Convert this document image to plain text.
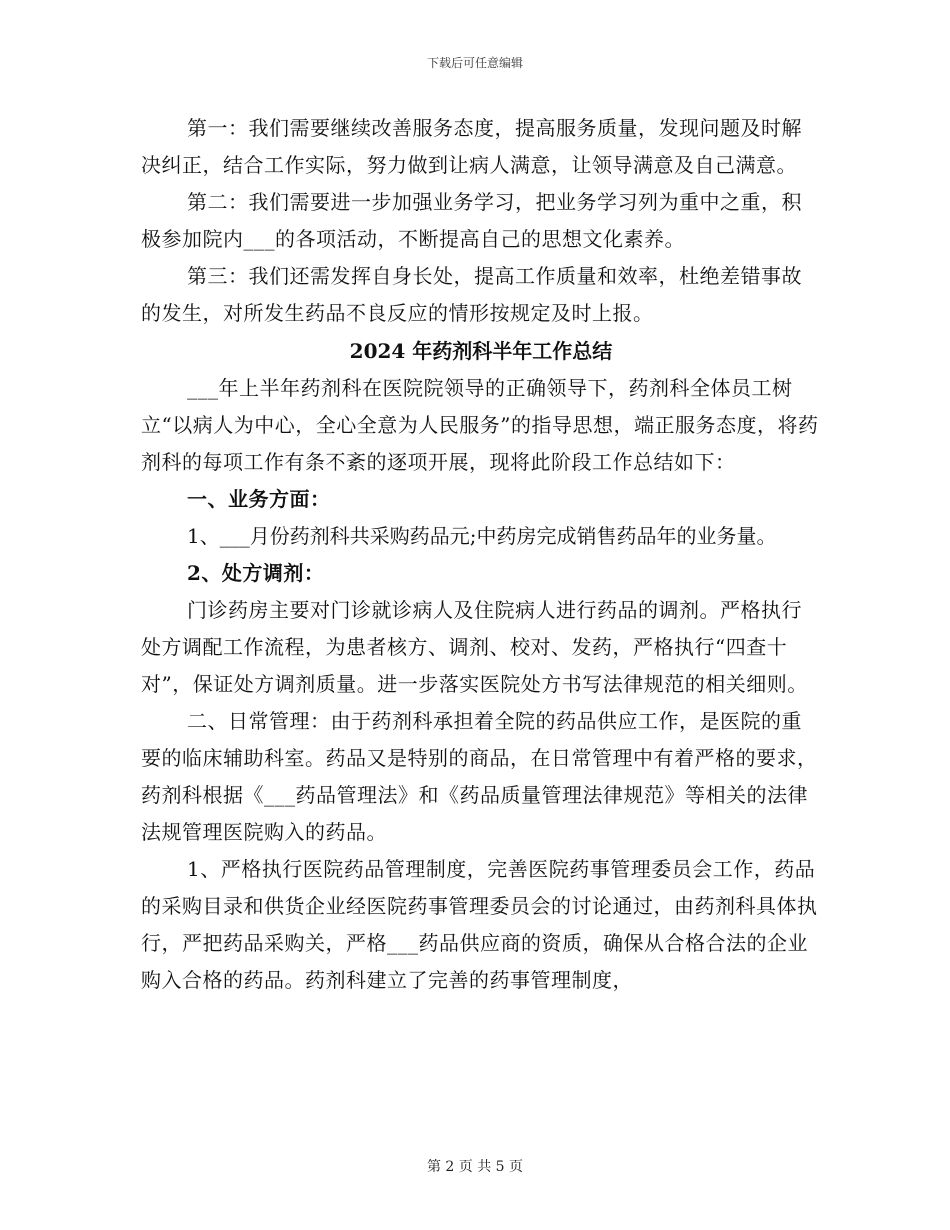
下载后可任意编辑

第一：我们需要继续改善服务态度，提高服务质量，发现问题及时解决纠正，结合工作实际，努力做到让病人满意，让领导满意及自己满意。

第二：我们需要进一步加强业务学习，把业务学习列为重中之重，积极参加院内___的各项活动，不断提高自己的思想文化素养。

第三：我们还需发挥自身长处，提高工作质量和效率，杜绝差错事故的发生，对所发生药品不良反应的情形按规定及时上报。

2024 年药剂科半年工作总结

___年上半年药剂科在医院院领导的正确领导下，药剂科全体员工树立“以病人为中心，全心全意为人民服务”的指导思想，端正服务态度，将药剂科的每项工作有条不紊的逐项开展，现将此阶段工作总结如下：

一、业务方面：

1、___月份药剂科共采购药品元;中药房完成销售药品年的业务量。

2、处方调剂：

门诊药房主要对门诊就诊病人及住院病人进行药品的调剂。严格执行处方调配工作流程，为患者核方、调剂、校对、发药，严格执行“四查十对”，保证处方调剂质量。进一步落实医院处方书写法律规范的相关细则。

二、日常管理：由于药剂科承担着全院的药品供应工作，是医院的重要的临床辅助科室。药品又是特别的商品，在日常管理中有着严格的要求，药剂科根据《___药品管理法》和《药品质量管理法律规范》等相关的法律法规管理医院购入的药品。

1、严格执行医院药品管理制度，完善医院药事管理委员会工作，药品的采购目录和供货企业经医院药事管理委员会的讨论通过，由药剂科具体执行，严把药品采购关，严格___药品供应商的资质，确保从合格合法的企业购入合格的药品。药剂科建立了完善的药事管理制度，

第 2 页 共 5 页
